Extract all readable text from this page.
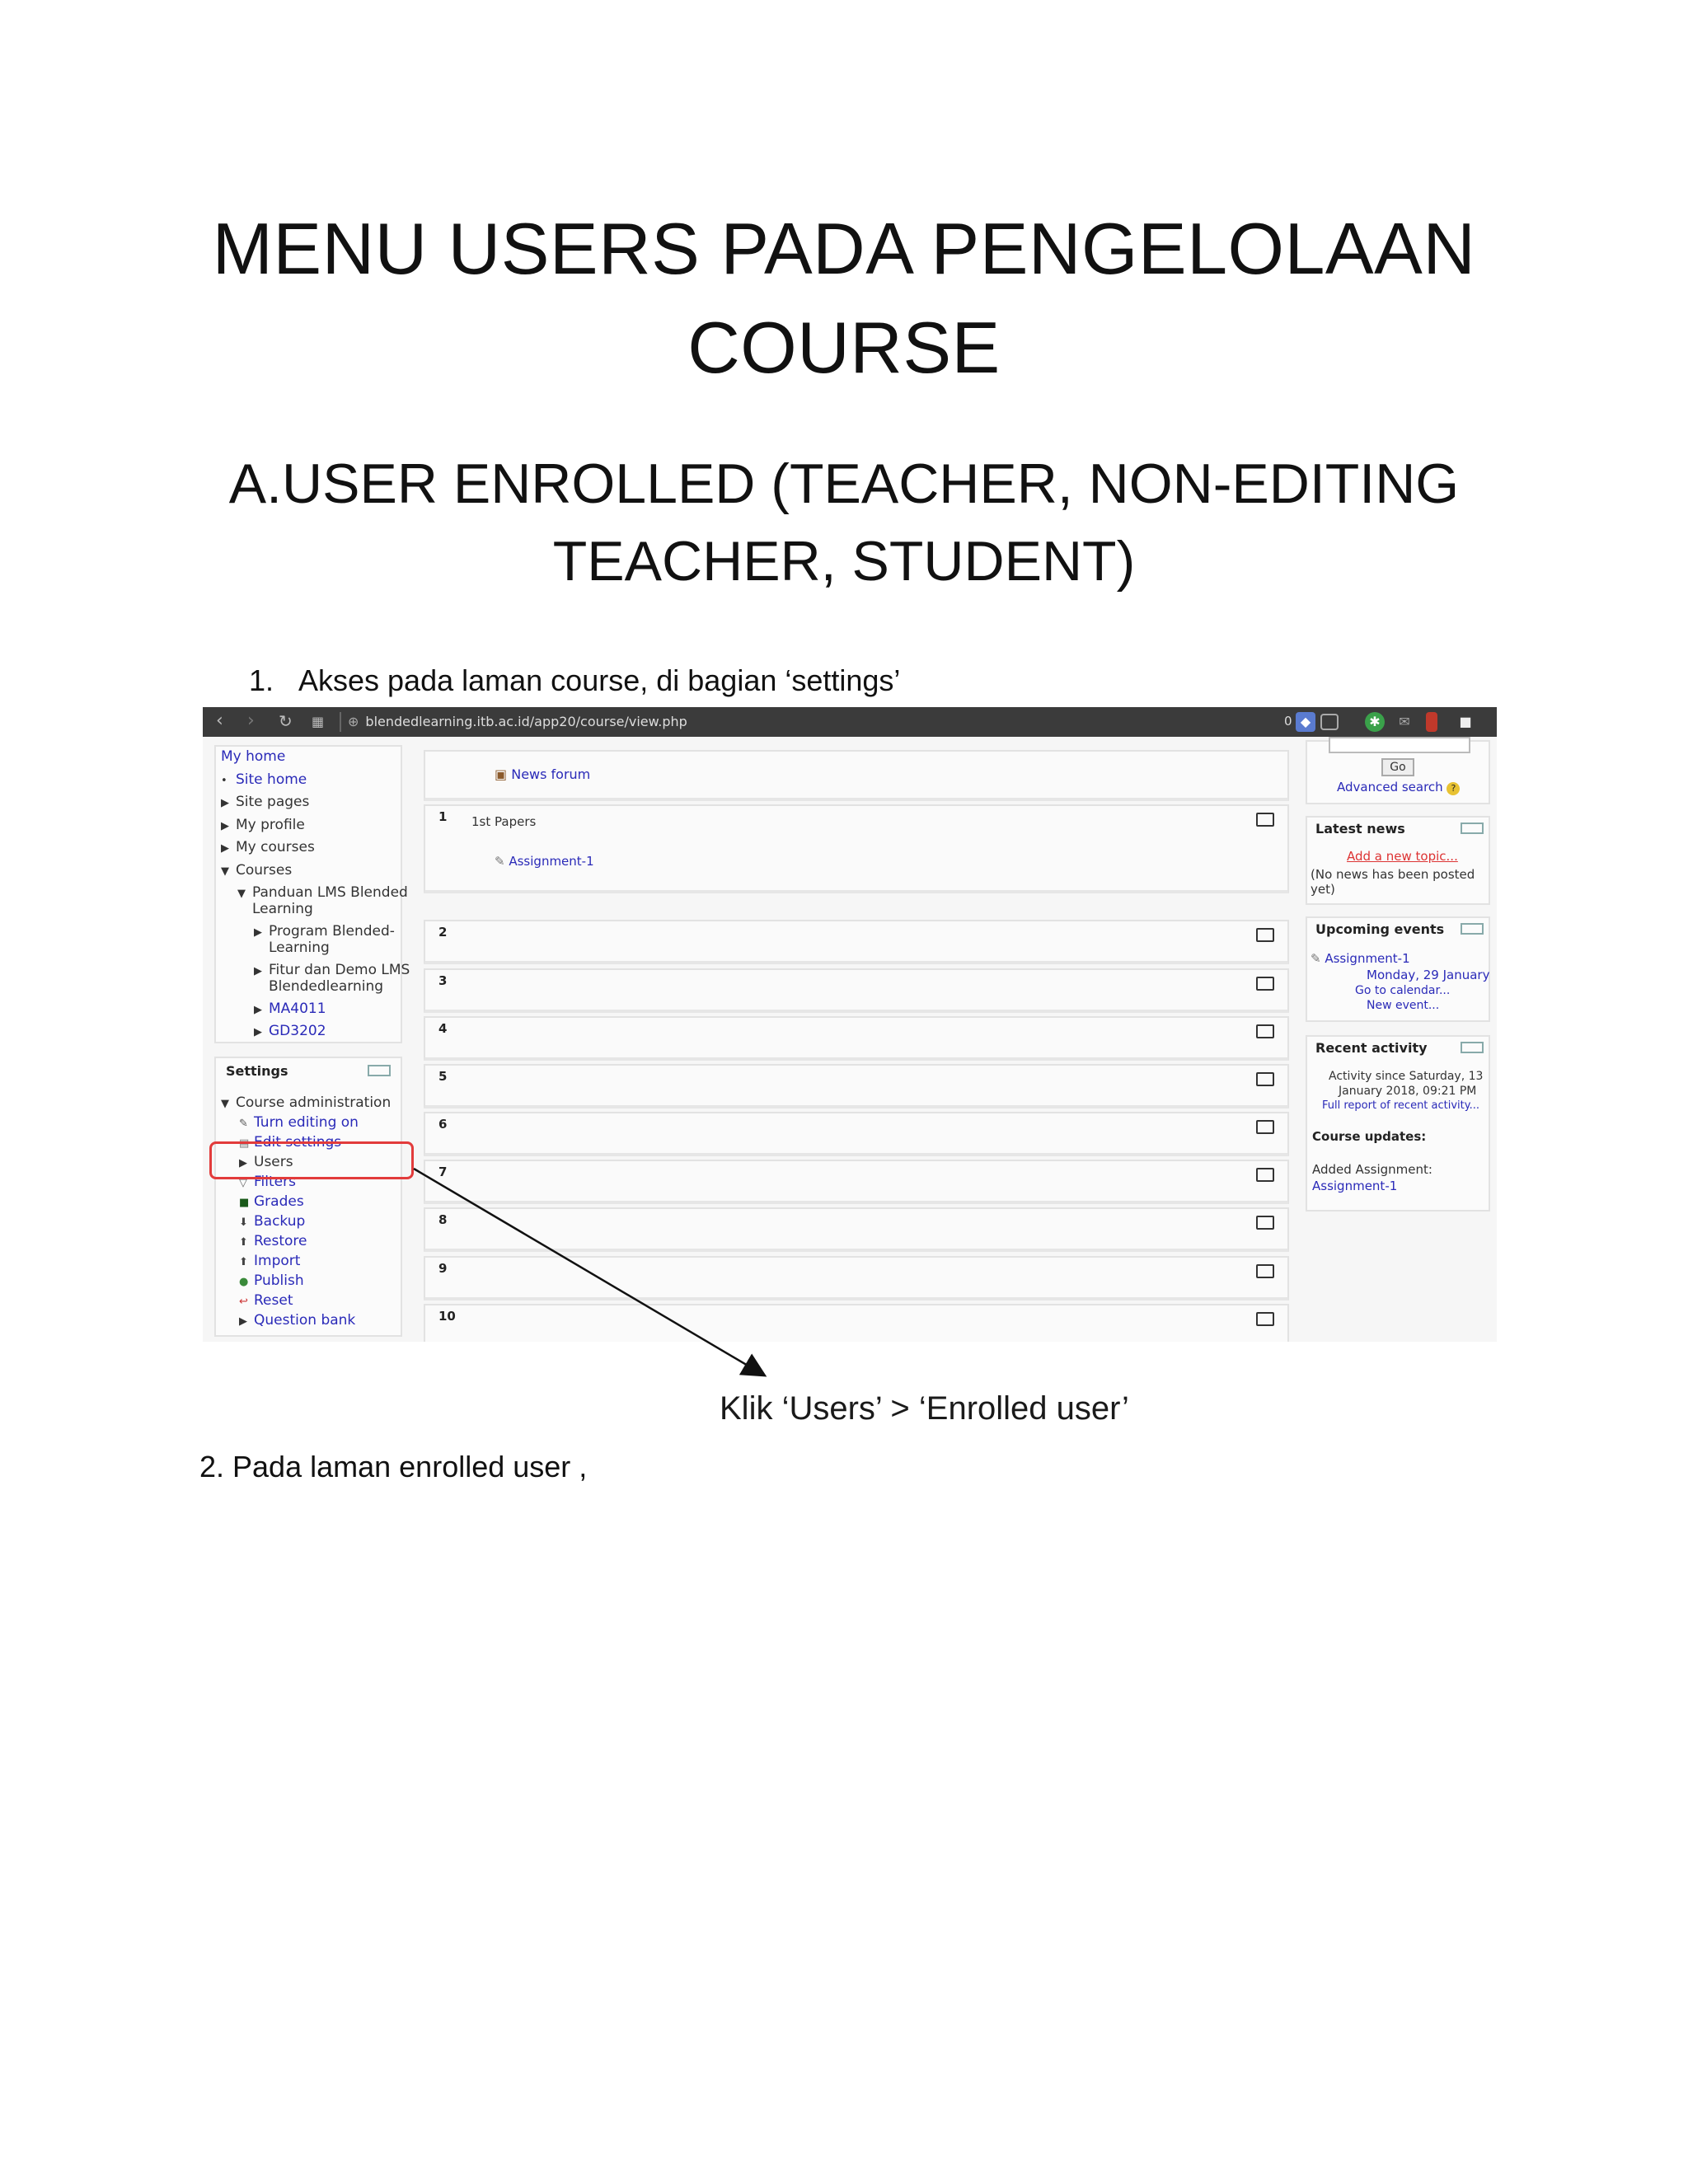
MENU USERS PADA PENGELOLAAN COURSE
A.USER ENROLLED (TEACHER, NON-EDITING TEACHER, STUDENT)
1. Akses pada laman course, di bagian ‘settings’
‹ › ↻ ▦ ⊕ blendedlearning.itb.ac.id/app20/course/view.php	0 ◆	✱	✉	■
My home
• Site home
▶ Site pages
▶ My profile
▶ My courses
▼ Courses
▼ Panduan LMS Blended
Learning
▶ Program Blended-
Learning
▶ Fitur dan Demo LMS
Blendedlearning
▶ MA4011
▶ GD3202
Settings
▼ Course administration
✎ Turn editing on
▤ Edit settings
▶ Users
▽ Filters
■ Grades
⬇ Backup
⬆ Restore
⬆ Import
● Publish
↩ Reset
▶ Question bank
▣ News forum
1 1st Papers
✎ Assignment-1
2
3
4
5
6
7
8
9
10
Go
Advanced search ?
Latest news
Add a new topic...
(No news has been posted
yet)
Upcoming events
✎ Assignment-1
Monday, 29 January
Go to calendar...
New event...
Recent activity
Activity since Saturday, 13
January 2018, 09:21 PM
Full report of recent activity...
Course updates:
Added Assignment:
Assignment-1
Klik ‘Users’ > ‘Enrolled user’
2. Pada laman enrolled user ,
